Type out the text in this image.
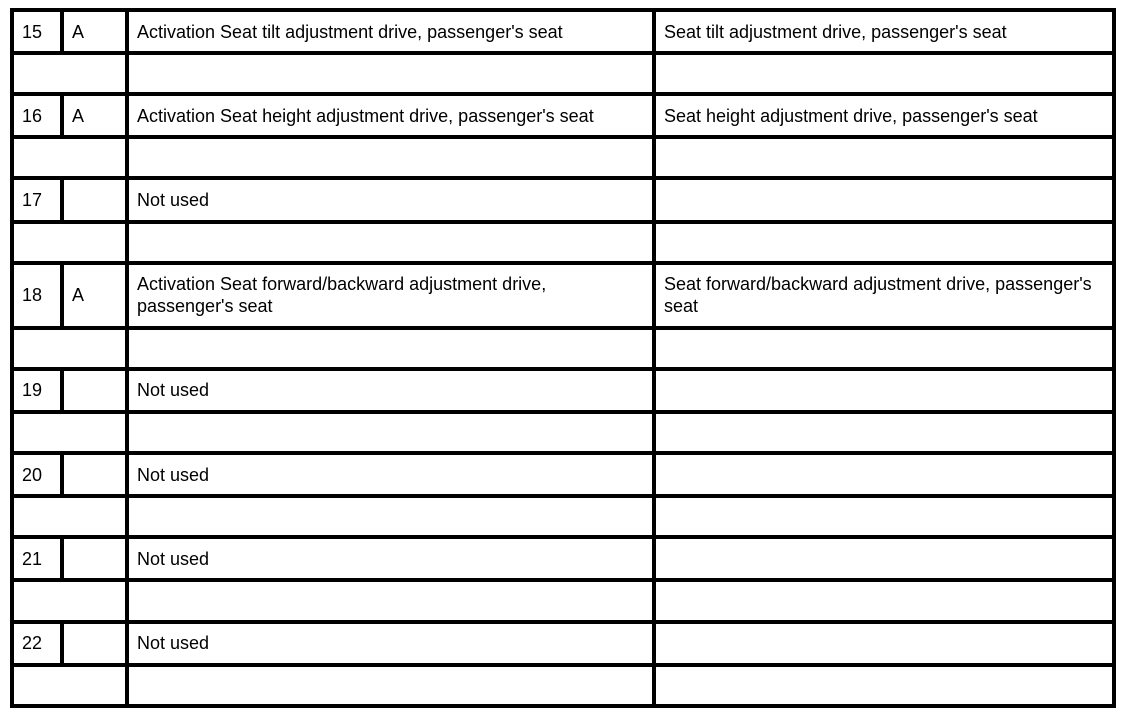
15	A	Activation Seat tilt adjustment drive, passenger's seat	Seat tilt adjustment drive, passenger's seat

16	A	Activation Seat height adjustment drive, passenger's seat	Seat height adjustment drive, passenger's seat

17		Not used	

18	A	Activation Seat forward/backward adjustment drive, passenger's seat	Seat forward/backward adjustment drive, passenger's seat

19		Not used	

20		Not used	

21		Not used	

22		Not used	
